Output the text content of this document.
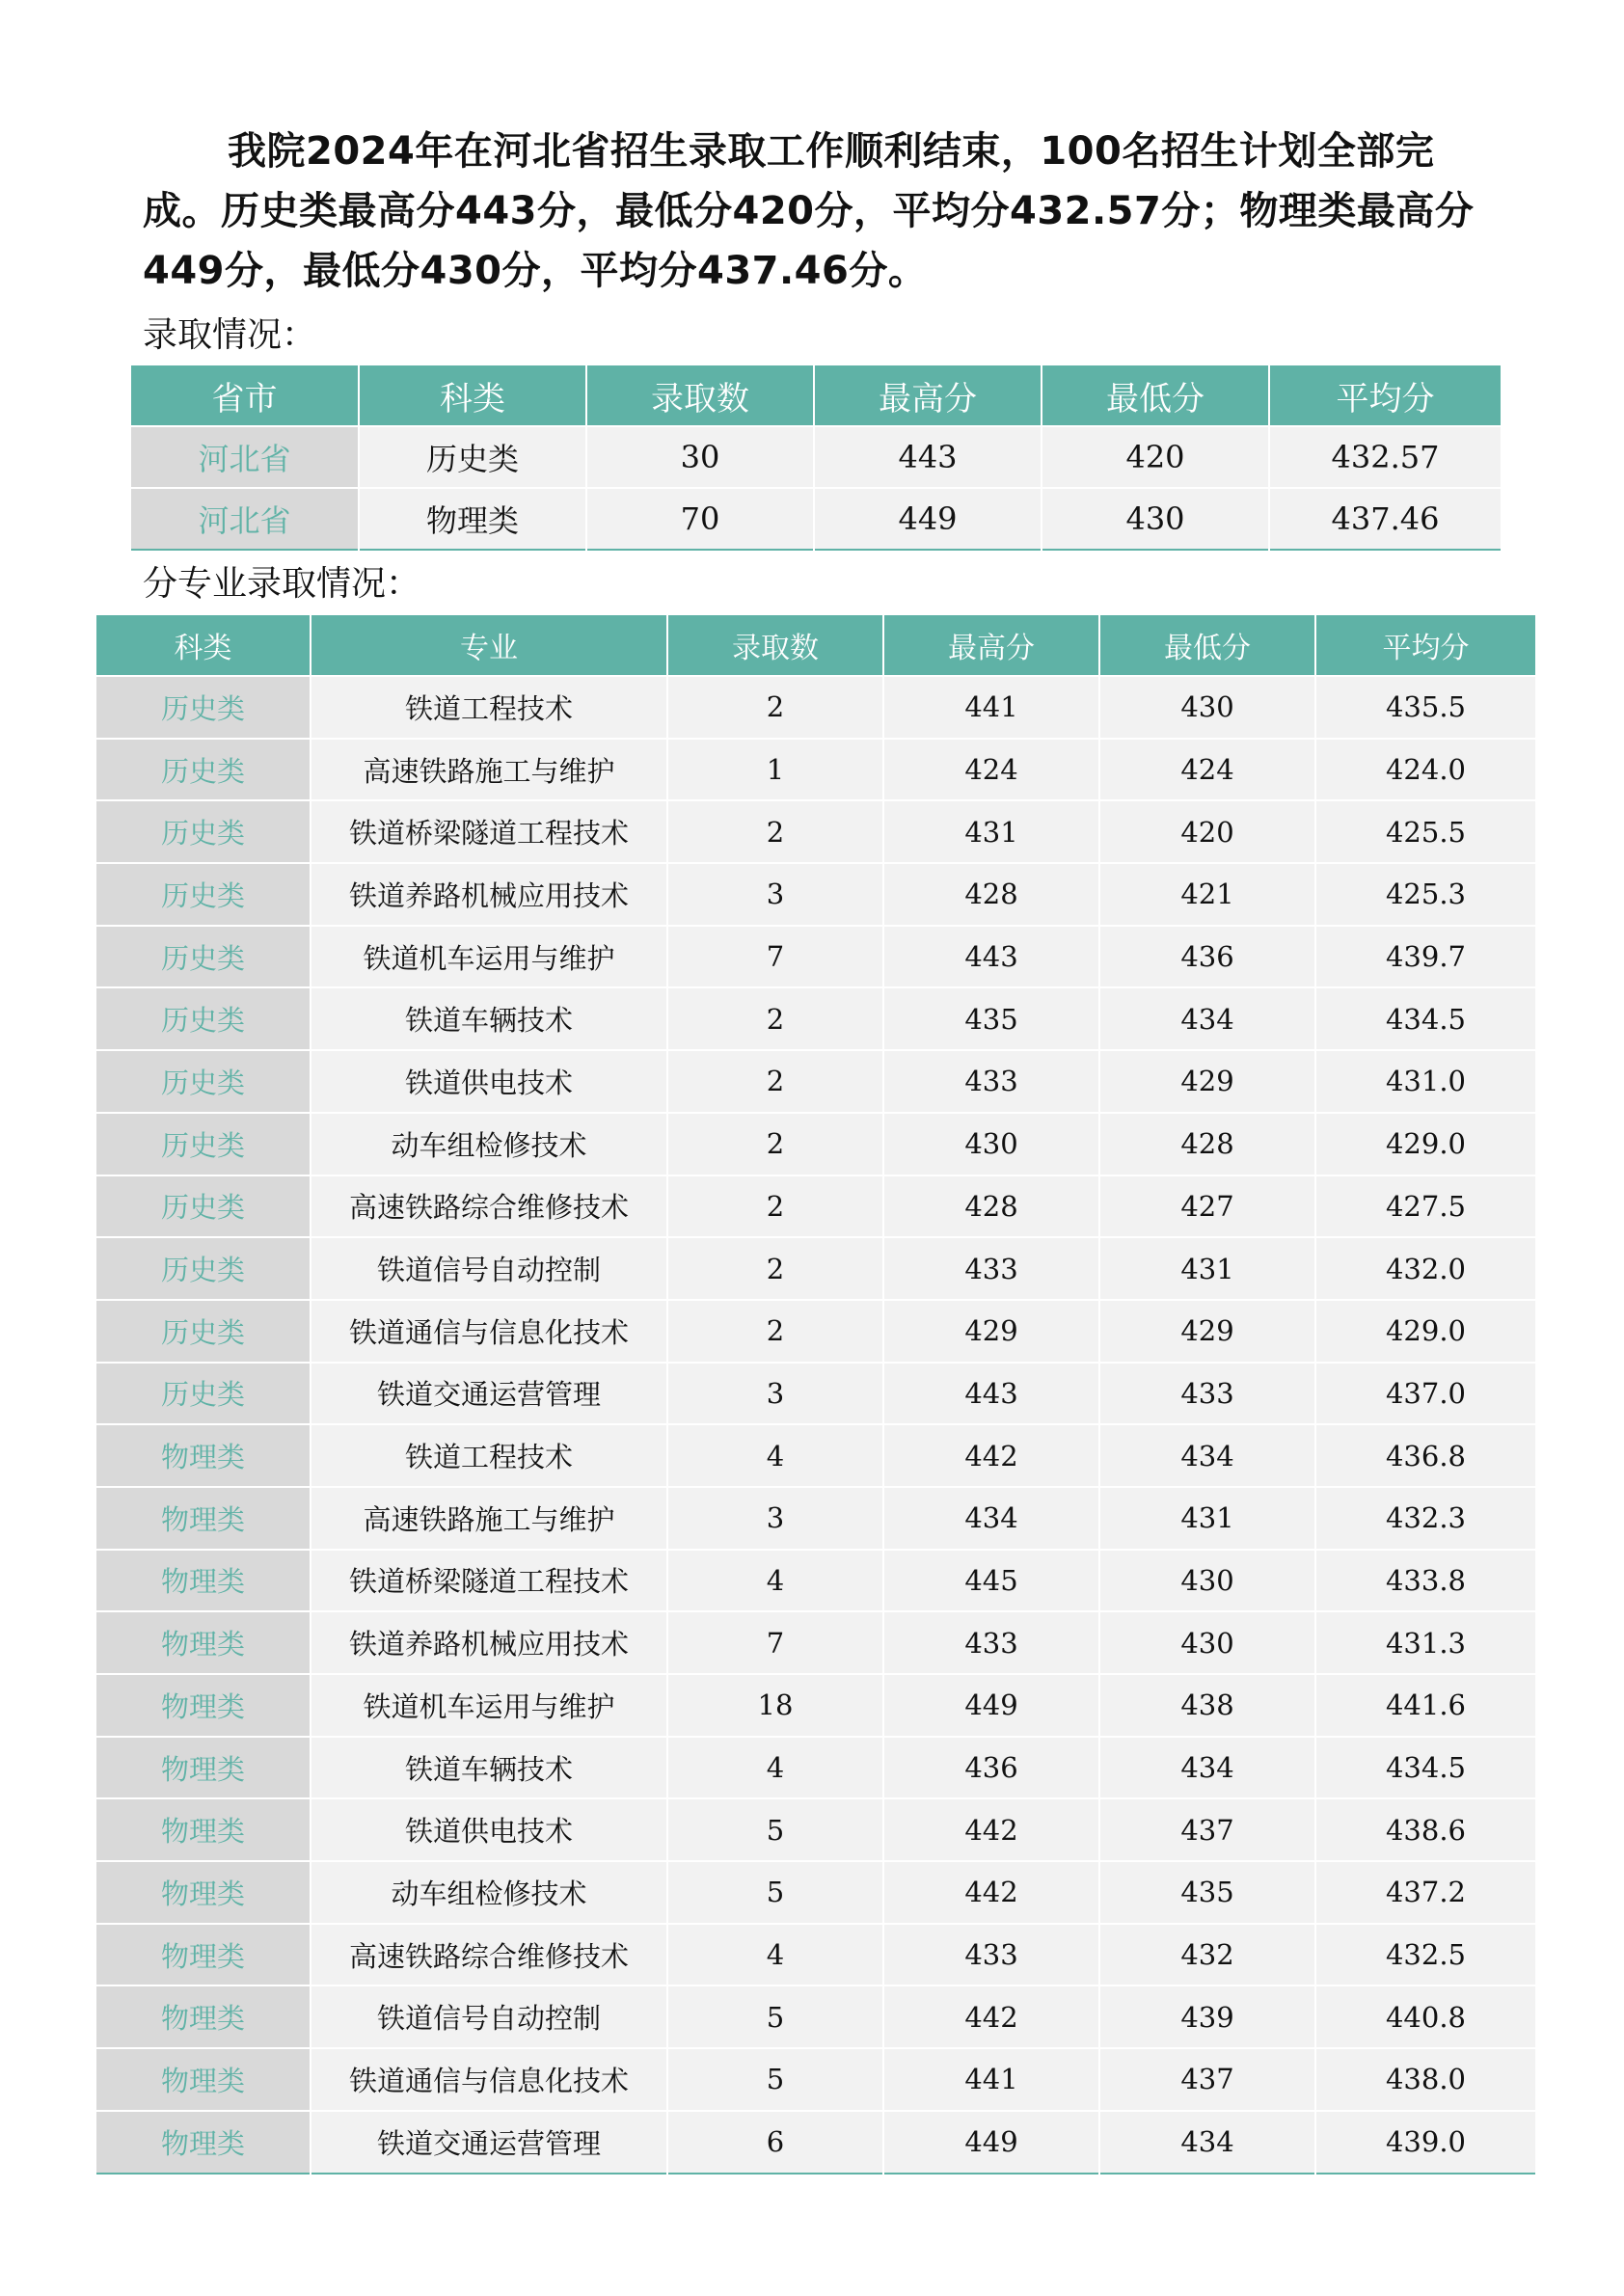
我院2024年在河北省招生录取工作顺利结束，100名招生计划全部完成。历史类最高分443分，最低分420分，平均分432.57分；物理类最高分449分，最低分430分，平均分437.46分。
录取情况：
省市	科类	录取数	最高分	最低分	平均分
河北省	历史类	30	443	420	432.57
河北省	物理类	70	449	430	437.46
分专业录取情况：
科类	专业	录取数	最高分	最低分	平均分
历史类	铁道工程技术	2	441	430	435.5
历史类	高速铁路施工与维护	1	424	424	424.0
历史类	铁道桥梁隧道工程技术	2	431	420	425.5
历史类	铁道养路机械应用技术	3	428	421	425.3
历史类	铁道机车运用与维护	7	443	436	439.7
历史类	铁道车辆技术	2	435	434	434.5
历史类	铁道供电技术	2	433	429	431.0
历史类	动车组检修技术	2	430	428	429.0
历史类	高速铁路综合维修技术	2	428	427	427.5
历史类	铁道信号自动控制	2	433	431	432.0
历史类	铁道通信与信息化技术	2	429	429	429.0
历史类	铁道交通运营管理	3	443	433	437.0
物理类	铁道工程技术	4	442	434	436.8
物理类	高速铁路施工与维护	3	434	431	432.3
物理类	铁道桥梁隧道工程技术	4	445	430	433.8
物理类	铁道养路机械应用技术	7	433	430	431.3
物理类	铁道机车运用与维护	18	449	438	441.6
物理类	铁道车辆技术	4	436	434	434.5
物理类	铁道供电技术	5	442	437	438.6
物理类	动车组检修技术	5	442	435	437.2
物理类	高速铁路综合维修技术	4	433	432	432.5
物理类	铁道信号自动控制	5	442	439	440.8
物理类	铁道通信与信息化技术	5	441	437	438.0
物理类	铁道交通运营管理	6	449	434	439.0
